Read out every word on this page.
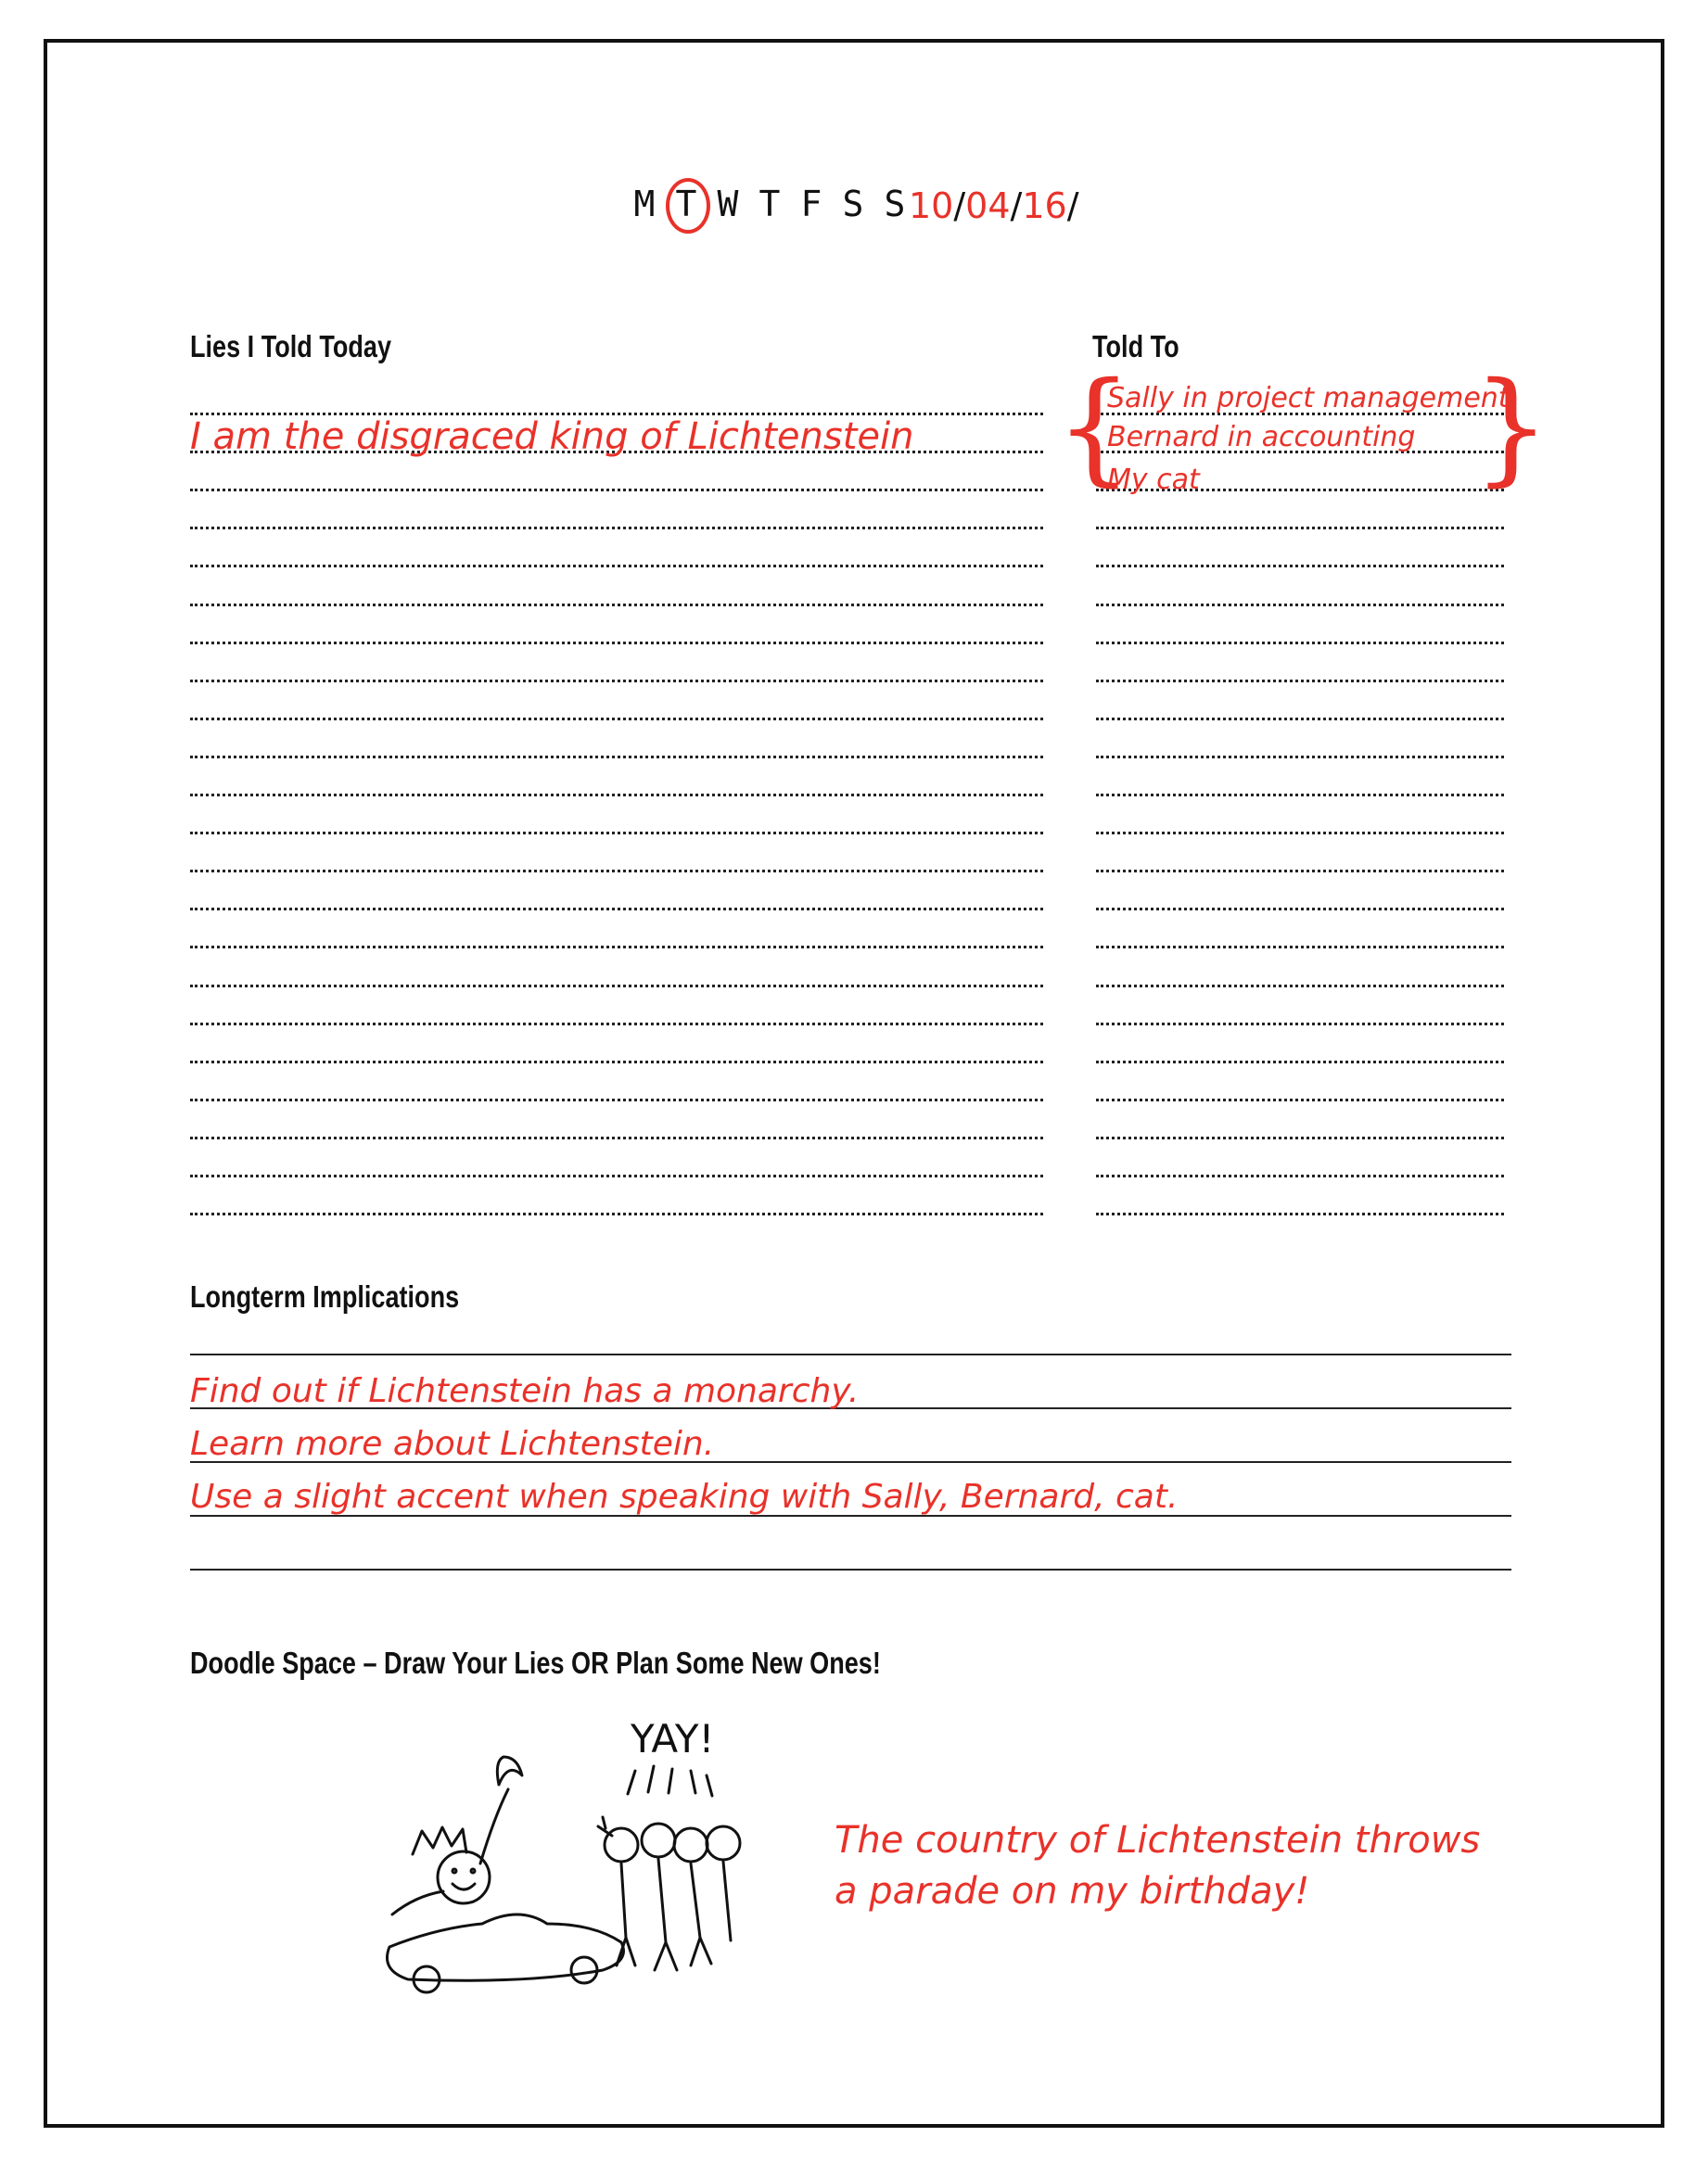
M T W T F S S 10/04/16/
Lies I Told Today	Told To
I am the disgraced king of Lichtenstein {	}
Sally in project management
Bernard in accounting
My cat
Longterm Implications
Find out if Lichtenstein has a monarchy.
Learn more about Lichtenstein.
Use a slight accent when speaking with Sally, Bernard, cat.
Doodle Space – Draw Your Lies OR Plan Some New Ones!
YAY!
The country of Lichtenstein throws
a parade on my birthday!
